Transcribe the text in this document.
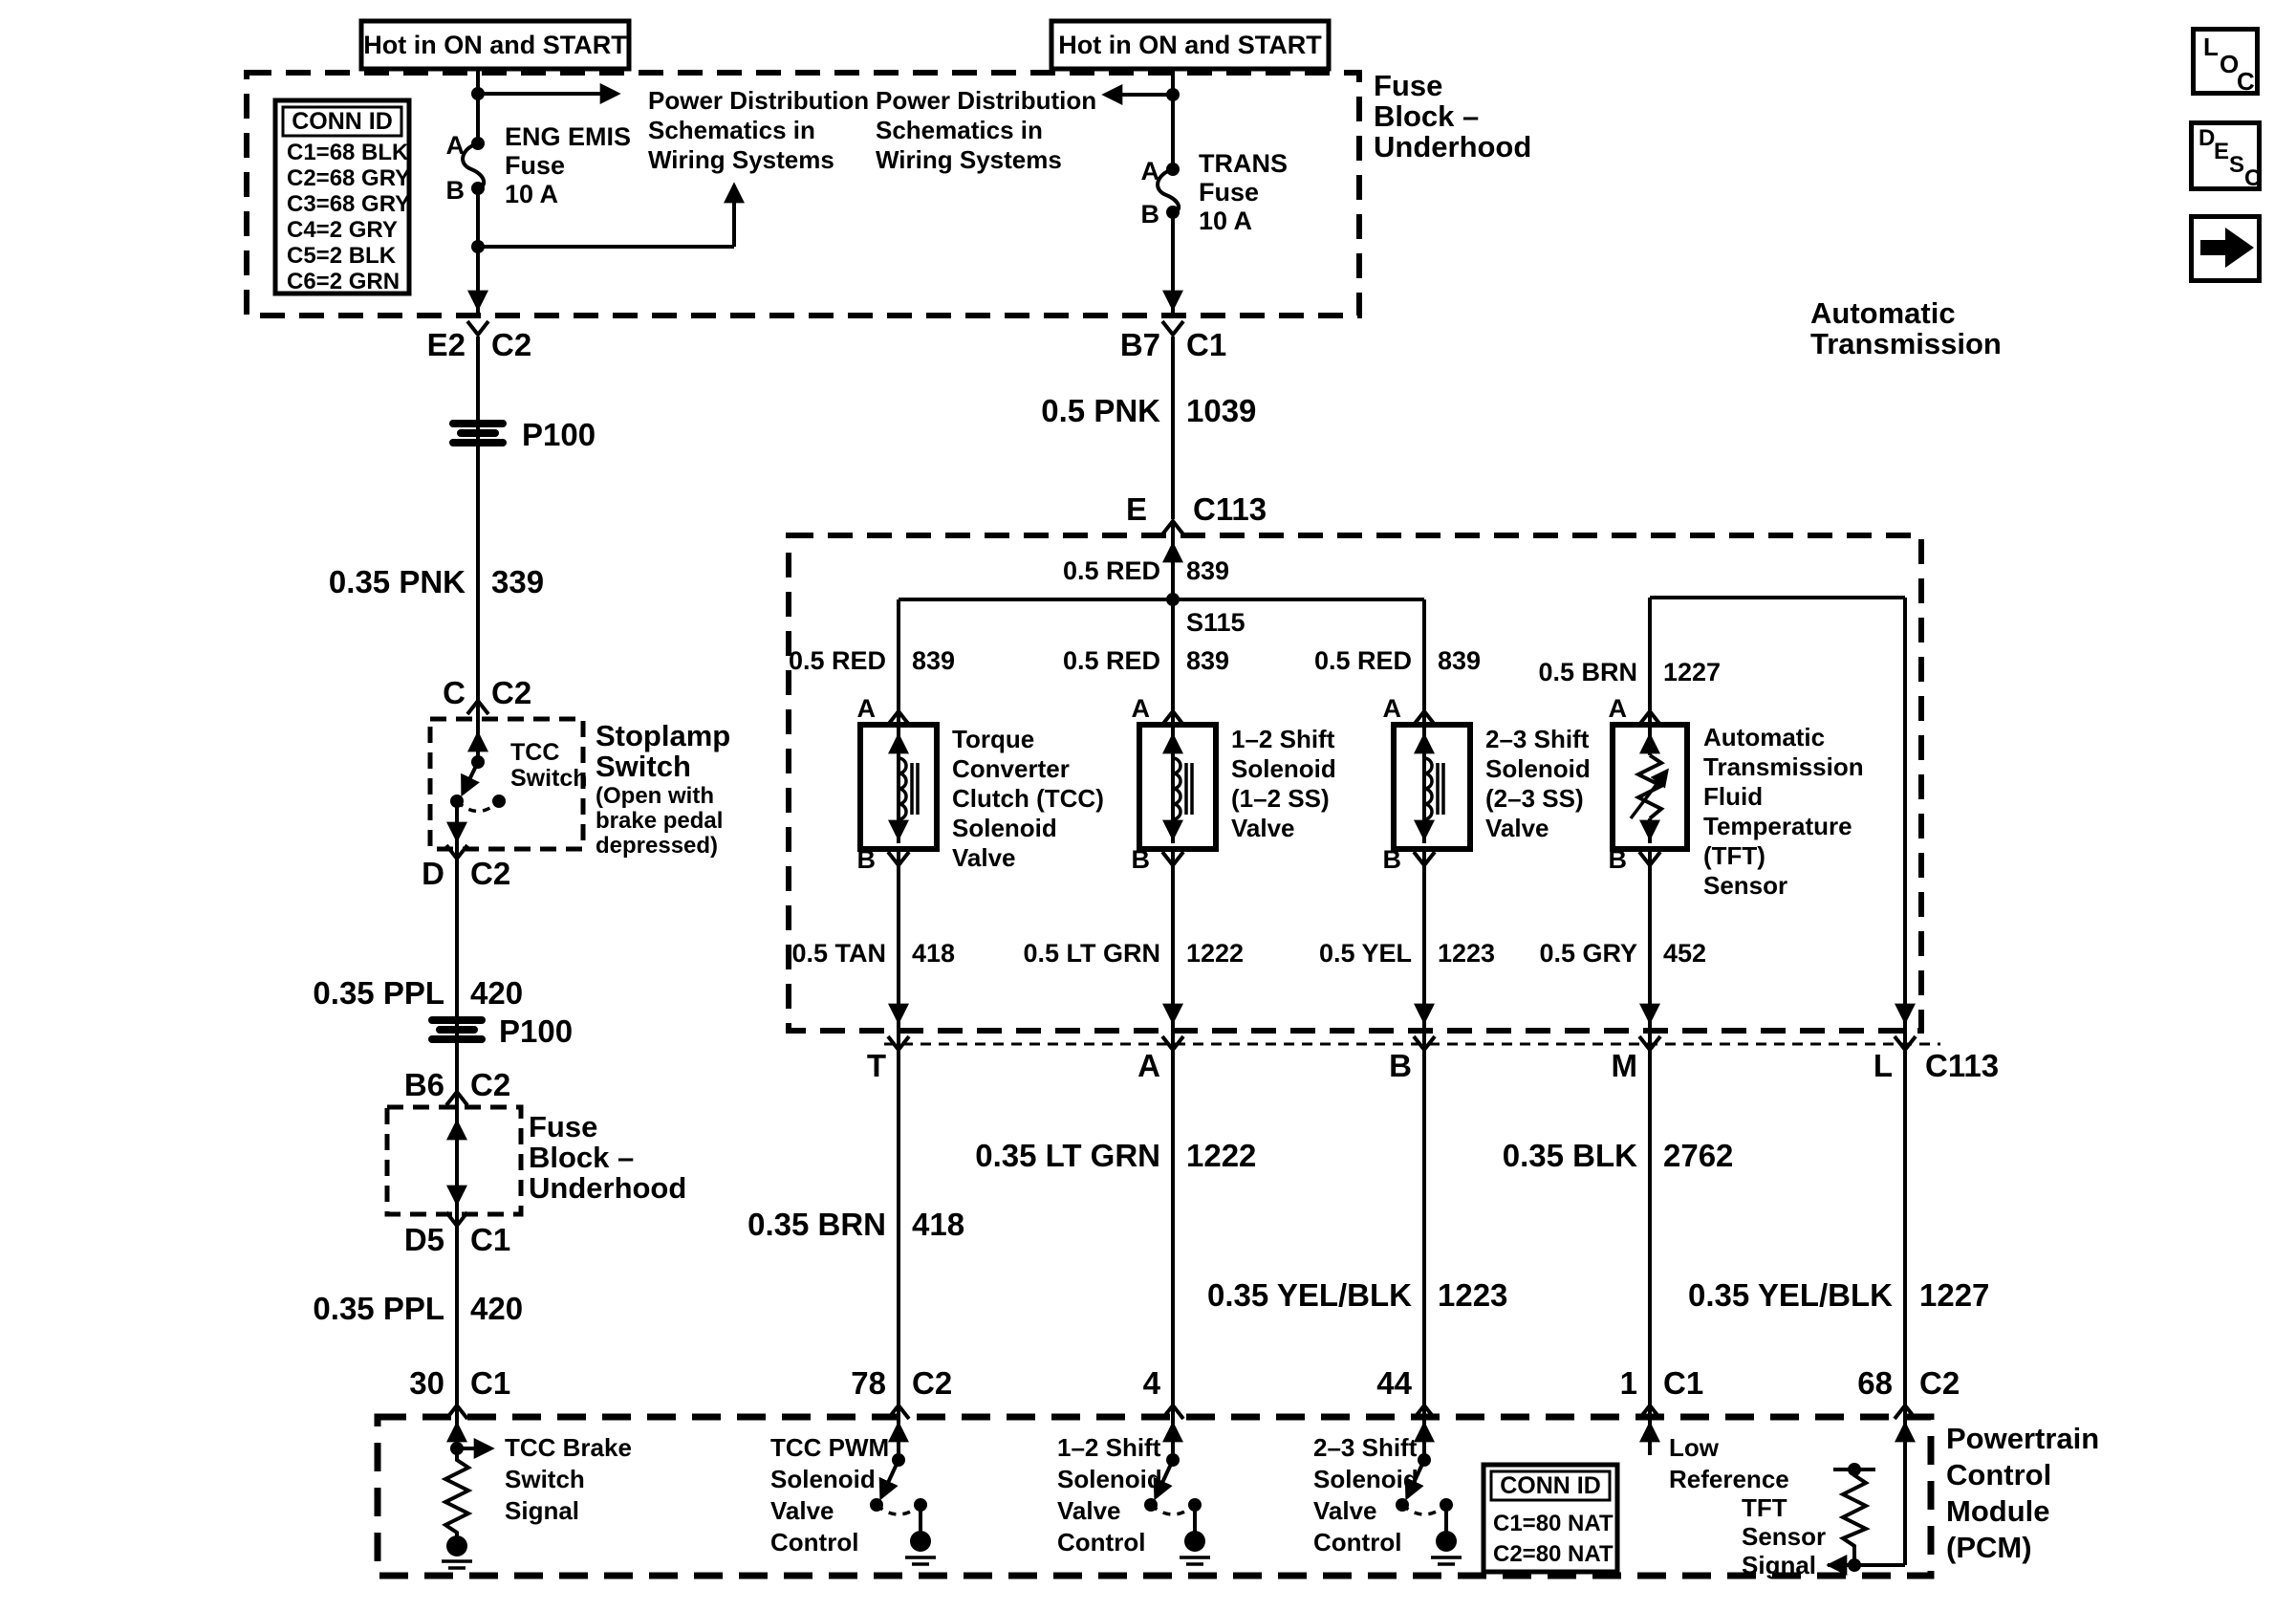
Hot in ON and START	Hot in ON and START
Fuse
Block –
Underhood
CONN ID
C1=68 BLK
C2=68 GRY
C3=68 GRY
C4=2 GRY
C5=2 BLK
C6=2 GRN
Power Distribution
Schematics in
Wiring Systems
Power Distribution
Schematics in
Wiring Systems
A
B
ENG EMIS
Fuse
10 A
A
B
TRANS
Fuse
10 A
E2 C2
P100
0.35 PNK 339
C C2
TCC
Switch
Stoplamp
Switch
(Open with
brake pedal
depressed)
D C2
0.35 PPL 420
P100
B6 C2
Fuse
Block –
Underhood
D5 C1
0.35 PPL 420
30 C1
B7 C1
0.5 PNK 1039
E C113
Automatic
Transmission
0.5 RED 839
S115
0.5 RED 839	0.5 RED 839	0.5 RED 839 0.5 BRN 1227
A	A	A	A
B	B	B	B
Torque
Converter
Clutch (TCC)
Solenoid
Valve
1–2 Shift
Solenoid
(1–2 SS)
Valve
2–3 Shift
Solenoid
(2–3 SS)
Valve
Automatic
Transmission
Fluid
Temperature
(TFT)
Sensor
0.5 TAN 418	0.5 LT GRN 1222	0.5 YEL 1223 0.5 GRY 452
T	A	B	M	L C113
0.35 LT GRN 1222	0.35 BLK 2762
0.35 BRN 418
0.35 YEL/BLK 1223	0.35 YEL/BLK 1227
78 C2	4	44	1 C1	68 C2
TCC Brake
Switch
Signal
TCC PWM
Solenoid
Valve
Control
1–2 Shift
Solenoid
Valve
Control
2–3 Shift
Solenoid
Valve
Control
Low
Reference
TFT
Sensor
Signal
CONN ID
C1=80 NAT
C2=80 NAT
Powertrain
Control
Module
(PCM)
L
O
C
D
E
S
C
